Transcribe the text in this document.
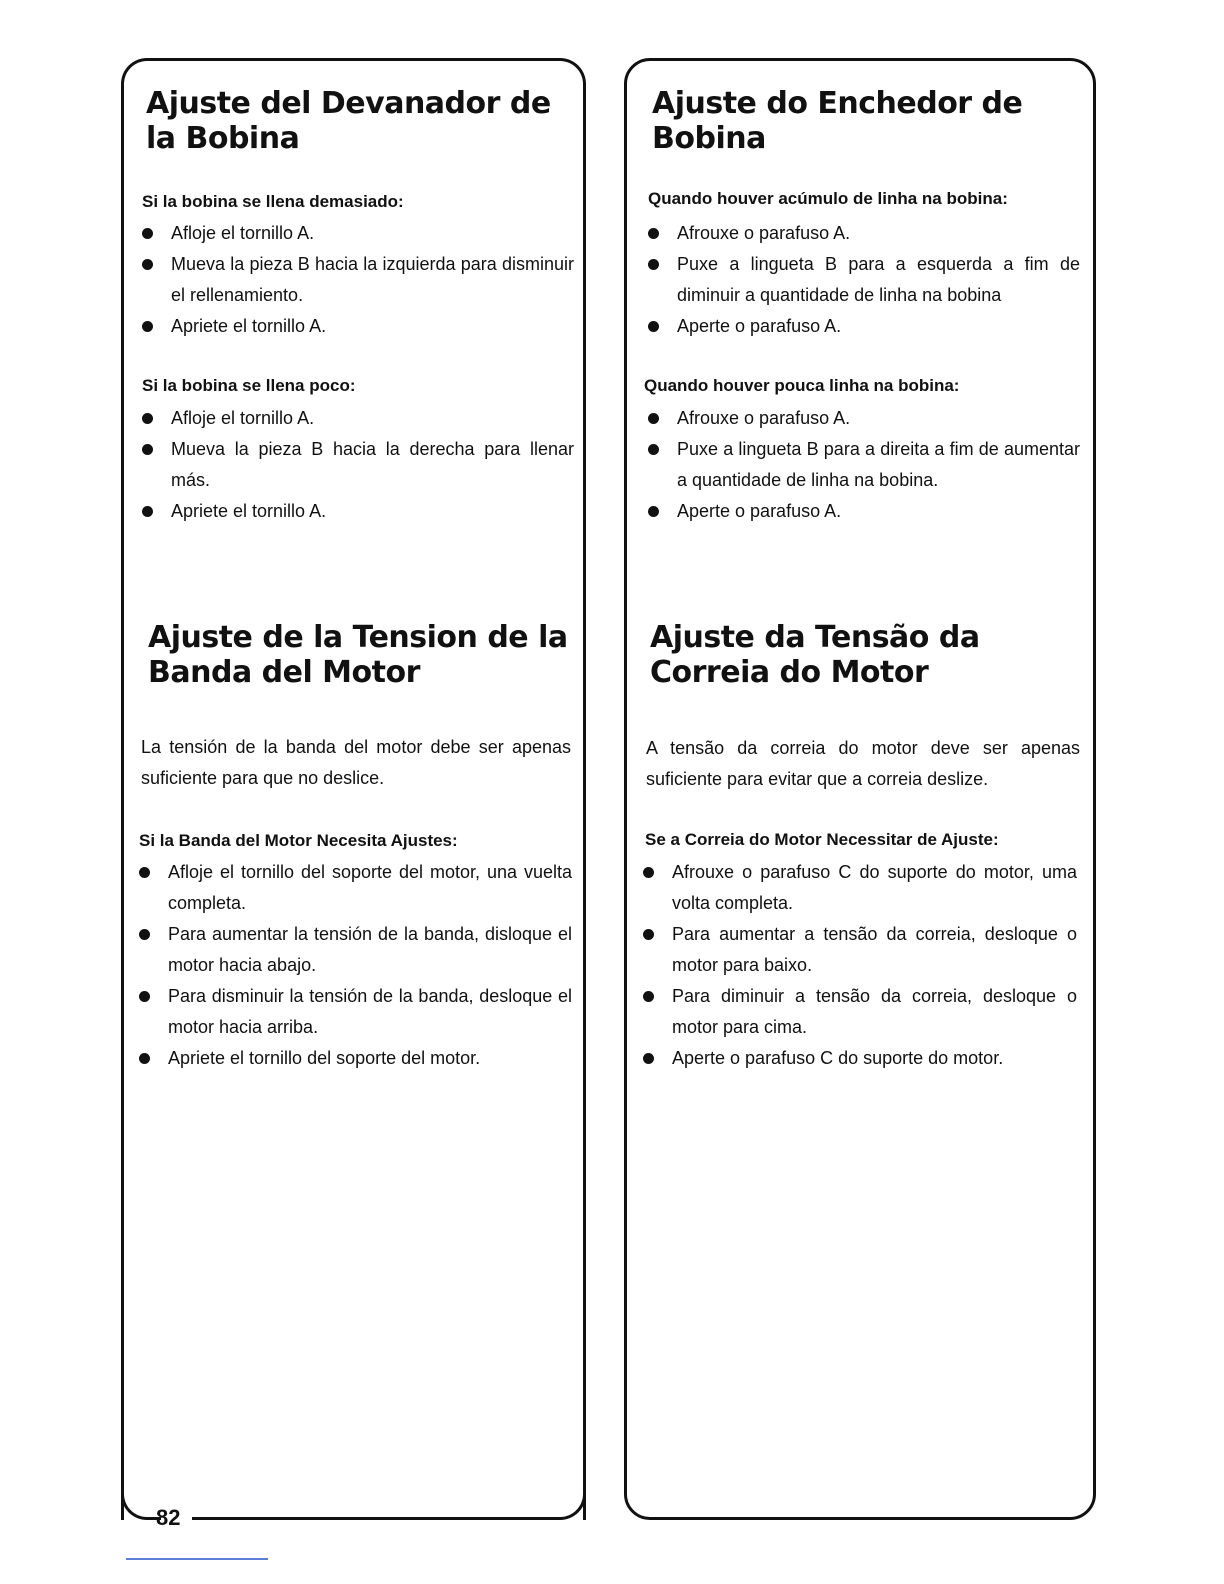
Ajuste del Devanador de
la Bobina

Si la bobina se llena demasiado:

Afloje el tornillo A.
Mueva la pieza B hacia la izquierda para disminuir el rellenamiento.
Apriete el tornillo A.

Si la bobina se llena poco:

Afloje el tornillo A.
Mueva la pieza B hacia la derecha para llenar más.
Apriete el tornillo A.
Ajuste de la Tension de la
Banda del Motor

La tensión de la banda del motor debe ser apenas suficiente para que no deslice.

Si la Banda del Motor Necesita Ajustes:

Afloje el tornillo del soporte del motor, una vuelta completa.
Para aumentar la tensión de la banda, disloque el motor hacia abajo.
Para disminuir la tensión de la banda, desloque el motor hacia arriba.
Apriete el tornillo del soporte del motor.
Ajuste do Enchedor de
Bobina

Quando houver acúmulo de linha na bobina:

Afrouxe o parafuso A.
Puxe a lingueta B para a esquerda a fim de diminuir a quantidade de linha na bobina
Aperte o parafuso A.

Quando houver pouca linha na bobina:

Afrouxe o parafuso A.
Puxe a lingueta B para a direita a fim de aumentar a quantidade de linha na bobina.
Aperte o parafuso A.
Ajuste da Tensão da
Correia do Motor

A tensão da correia do motor deve ser apenas suficiente para evitar que a correia deslize.

Se a Correia do Motor Necessitar de Ajuste:

Afrouxe o parafuso C do suporte do motor, uma volta completa.
Para aumentar a tensão da correia, desloque o motor para baixo.
Para diminuir a tensão da correia, desloque o motor para cima.
Aperte o parafuso C do suporte do motor.
82
